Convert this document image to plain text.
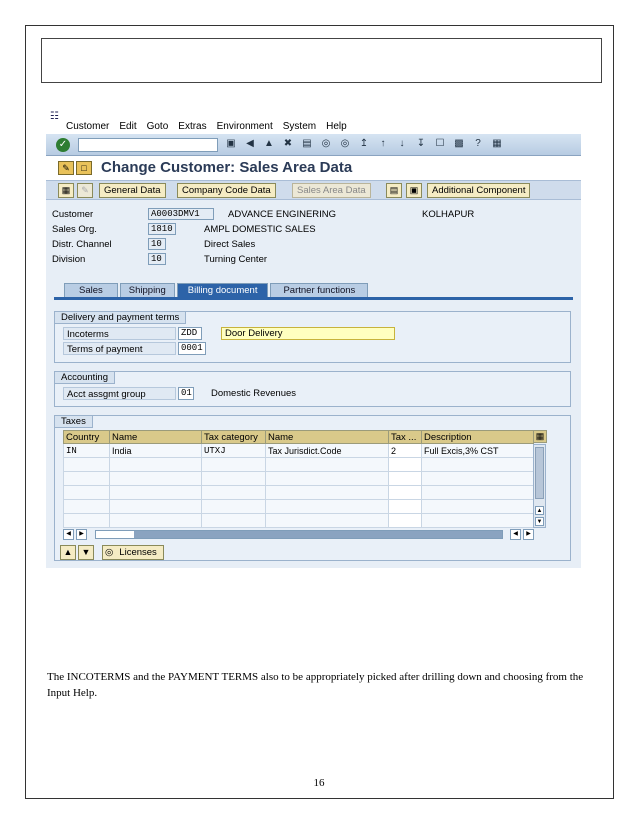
☷
Customer Edit Goto Extras Environment System Help
✓	▣	◀	▲ ✖ ▤ ◎ ◎ ↥	↑	↓	↧ ☐ ▩	?	▦
✎	□ Change Customer: Sales Area Data
▦	✎	General Data	Company Code Data	Sales Area Data	▤	▣	Additional Component
Customer	A0003DMV1	ADVANCE ENGINERING	KOLHAPUR
Sales Org.	1810	AMPL DOMESTIC SALES
Distr. Channel	10	Direct Sales
Division	10	Turning Center
Sales	Shipping	Billing document	Partner functions
Delivery and payment terms
Incoterms	ZDD	Door Delivery
Terms of payment	0001
Accounting
Acct assgmt group	01 Domestic Revenues
Taxes
Country	Name	Tax category	Name	Tax ...	Description
IN	India	UTXJ	Tax Jurisdict.Code	2	Full Excis,3% CST

▦
▲
▼
◀	▶	◀	▶
▲	▼	◎ Licenses
The INCOTERMS and the PAYMENT TERMS also to be appropriately picked after drilling down and choosing from the Input Help.
16
